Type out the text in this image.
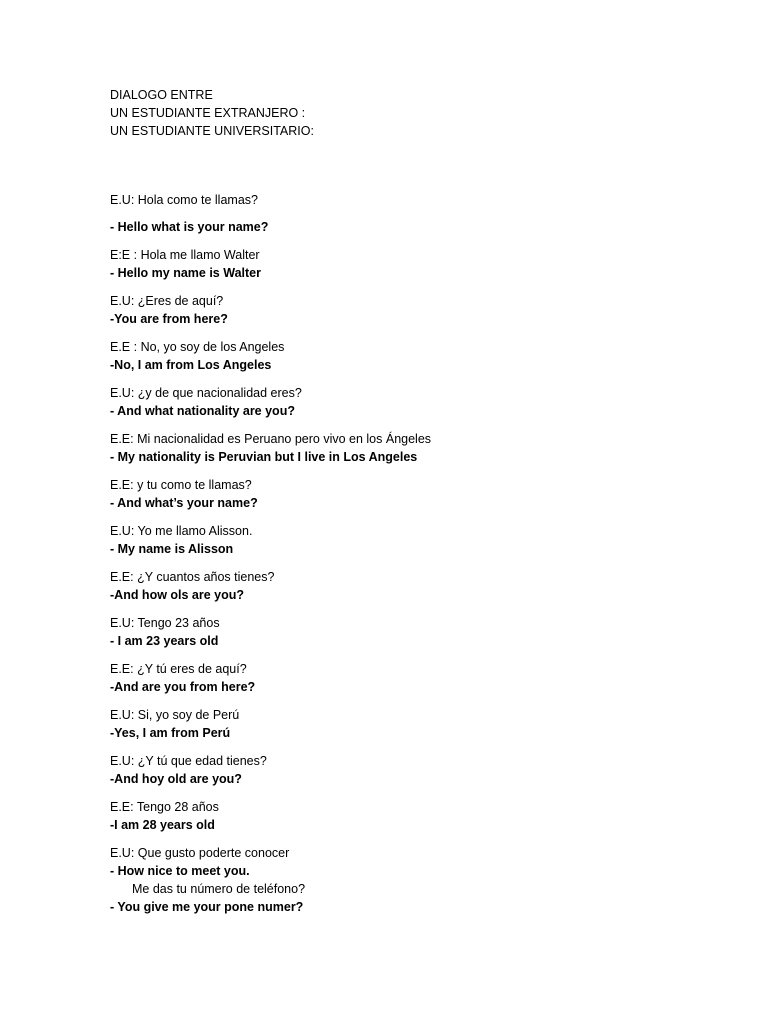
DIALOGO ENTRE
UN ESTUDIANTE EXTRANJERO :
UN ESTUDIANTE UNIVERSITARIO:
E.U: Hola como te llamas?
- Hello what is your name?
E:E : Hola me llamo Walter
- Hello my name is Walter
E.U: ¿Eres de aquí?
-You are from here?
E.E : No, yo soy de los Angeles
-No, I am from Los Angeles
E.U: ¿y de que nacionalidad eres?
- And what nationality are you?
E.E: Mi nacionalidad es Peruano pero vivo en los Ángeles
- My nationality is Peruvian but I live in Los Angeles
E.E: y tu como te llamas?
- And what’s your name?
E.U: Yo me llamo Alisson.
- My name is Alisson
E.E: ¿Y cuantos años tienes?
-And how ols are you?
E.U: Tengo 23 años
- I am 23 years old
E.E: ¿Y tú eres de aquí?
-And are you from here?
E.U: Si, yo soy de Perú
-Yes, I am from Perú
E.U: ¿Y tú que edad tienes?
-And hoy old are you?
E.E: Tengo 28 años
-I am 28 years old
E.U: Que gusto poderte conocer
- How nice to meet you.
Me das tu número de teléfono?
- You give me your pone numer?
